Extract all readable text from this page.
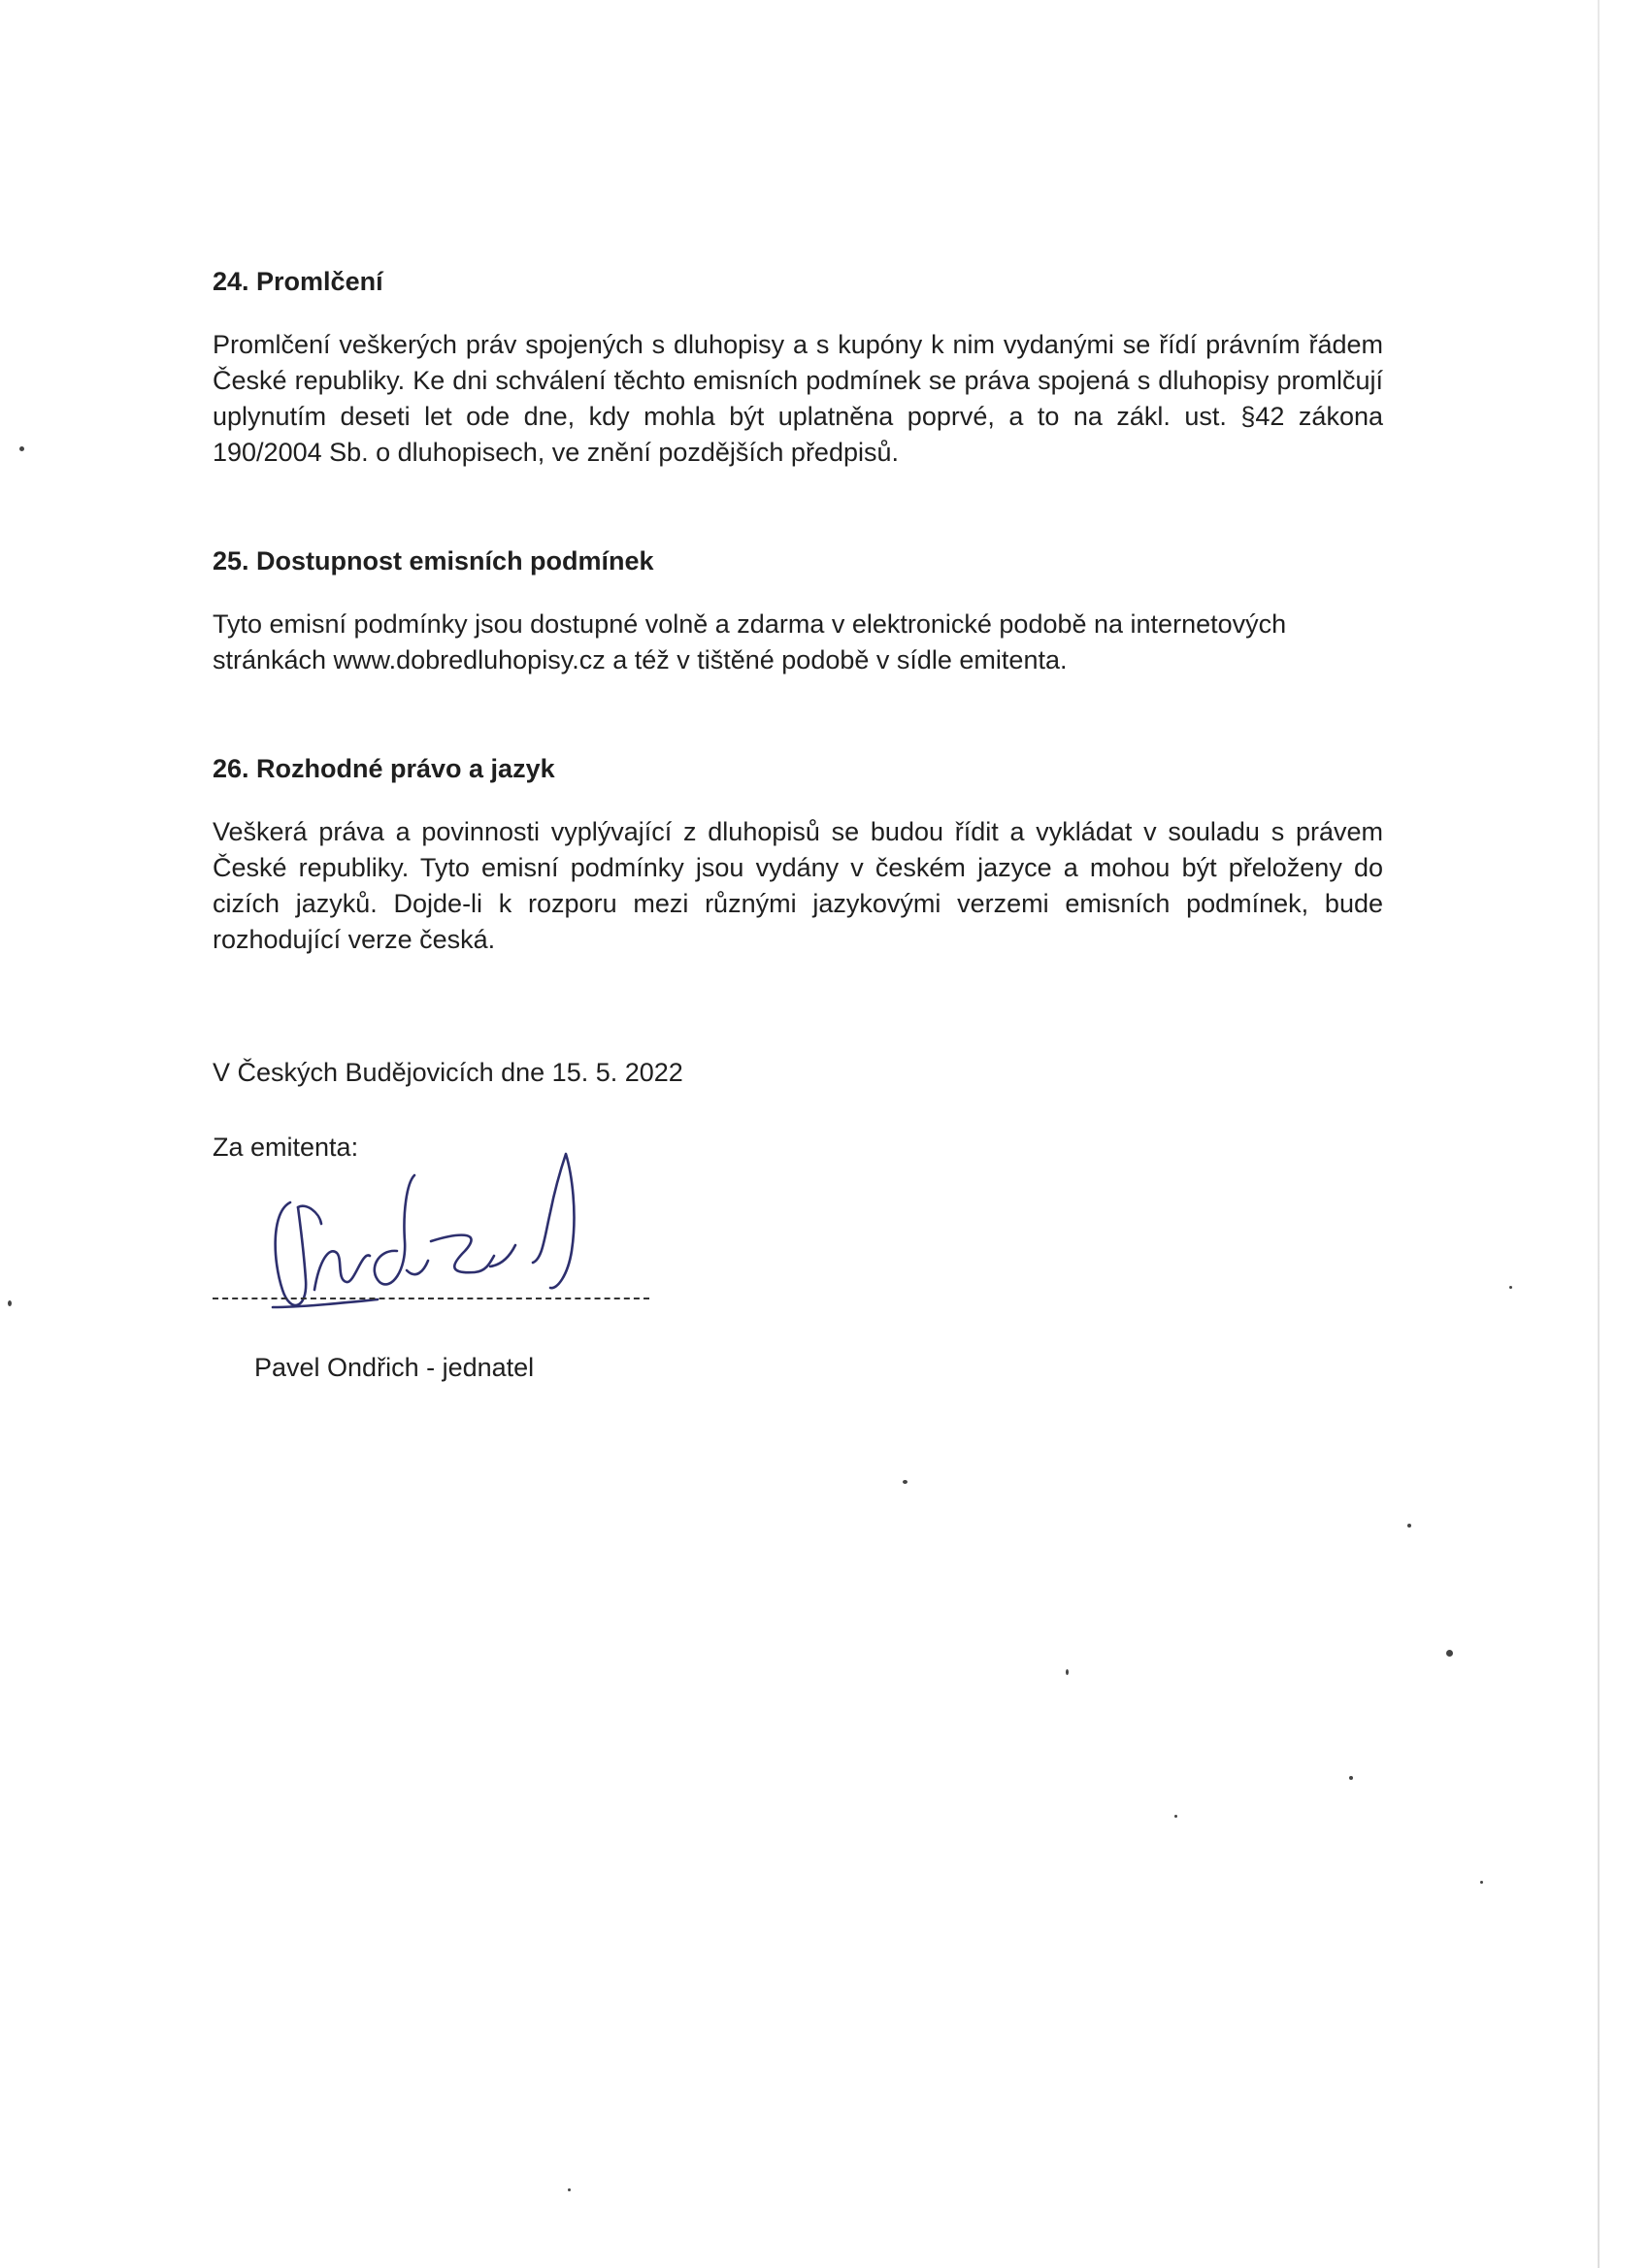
24. Promlčení

Promlčení veškerých práv spojených s dluhopisy a s kupóny k nim vydanými se řídí právním řádem České republiky. Ke dni schválení těchto emisních podmínek se práva spojená s dluhopisy promlčují uplynutím deseti let ode dne, kdy mohla být uplatněna poprvé, a to na zákl. ust. §42 zákona 190/2004 Sb. o dluhopisech, ve znění pozdějších předpisů.

25. Dostupnost emisních podmínek

Tyto emisní podmínky jsou dostupné volně a zdarma v elektronické podobě na internetových stránkách www.dobredluhopisy.cz a též v tištěné podobě v sídle emitenta.

26. Rozhodné právo a jazyk

Veškerá práva a povinnosti vyplývající z dluhopisů se budou řídit a vykládat v souladu s právem České republiky. Tyto emisní podmínky jsou vydány v českém jazyce a mohou být přeloženy do cizích jazyků. Dojde-li k rozporu mezi různými jazykovými verzemi emisních podmínek, bude rozhodující verze česká.

V Českých Budějovicích dne 15. 5. 2022
Za emitenta:
Pavel Ondřich - jednatel
